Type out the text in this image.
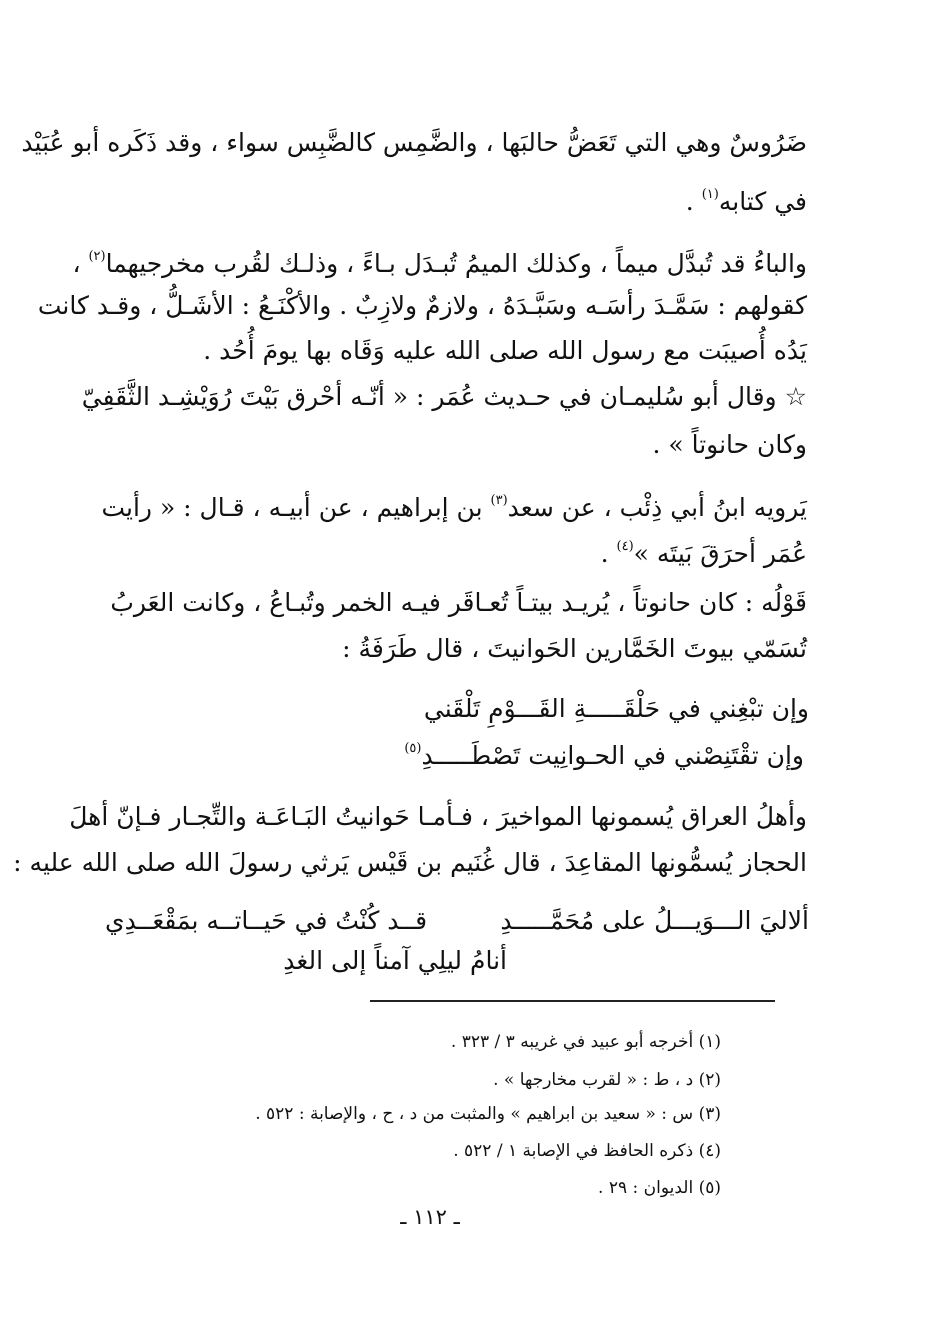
ضَرُوسٌ وهي التي تَعَضُّ حالبَها ، والضَّمِس كالضَّبِس سواء ، وقد ذَكَره أبو عُبَيْد
في كتابه$^{(١)}$ .
والباءُ قد تُبدَّل ميماً ، وكذلك الميمُ تُبـدَل بـاءً ، وذلـك لقُرب مخرجيهما$^{(٢)}$ ،
كقولهم : سَمَّـدَ رأسَـه وسَبَّـدَهُ ، ولازمٌ ولازِبٌ . والأكْنَـعُ : الأشَـلُّ ، وقـد كانت
يَدُه أُصيبَت مع رسول الله صلى الله عليه وَقَاه بها يومَ أُحُد .
☆ وقال أبو سُليمـان في حـديث عُمَر : « أنّـه أحْرق بَيْتَ رُوَيْشِـد الثَّقَفِيّ
وكان حانوتاً » .
يَرويه ابنُ أبي ذِئْب ، عن سعد$^{(٣)}$ بن إبراهيم ، عن أبيـه ، قـال : « رأيت
عُمَر أحرَقَ بَيتَه »$^{(٤)}$ .
قَوْلُه : كان حانوتاً ، يُريـد بيتـاً تُعـاقَر فيـه الخمر وتُبـاعُ ، وكانت العَربُ
تُسَمّي بيوتَ الخَمَّارين الحَوانيتَ ، قال طَرَفَةُ :
وإن تبْغِني في حَلْقَـــــةِ القَـــوْمِ تَلْقَني
وإن تقْتَنِصْني في الحـوانِيت تَصْطَـــــدِ$^{(٥)}$
وأهلُ العراق يُسمونها المواخيرَ ، فـأمـا حَوانيتُ البَـاعَـة والتِّجـار فـإنّ أهلَ
الحجاز يُسمُّونها المقاعِدَ ، قال غُنَيم بن قَيْس يَرثي رسولَ الله صلى الله عليه :
ألاليَ الـــوَيـــلُ على مُحَمَّـــــدِ
قــد كُنْتُ في حَيــاتــه بمَقْعَــدِي
أنامُ ليلِي آمناً إلى الغدِ
(١) أخرجه أبو عبيد في غريبه ٣ / ٣٢٣ .
(٢) د ، ط : « لقرب مخارجها » .
(٣) س : « سعيد بن ابراهيم » والمثبت من د ، ح ، والإصابة : ٥٢٢ .
(٤) ذكره الحافظ في الإصابة ١ / ٥٢٢ .
(٥) الديوان : ٢٩ .
ـ ١١٢ ـ
